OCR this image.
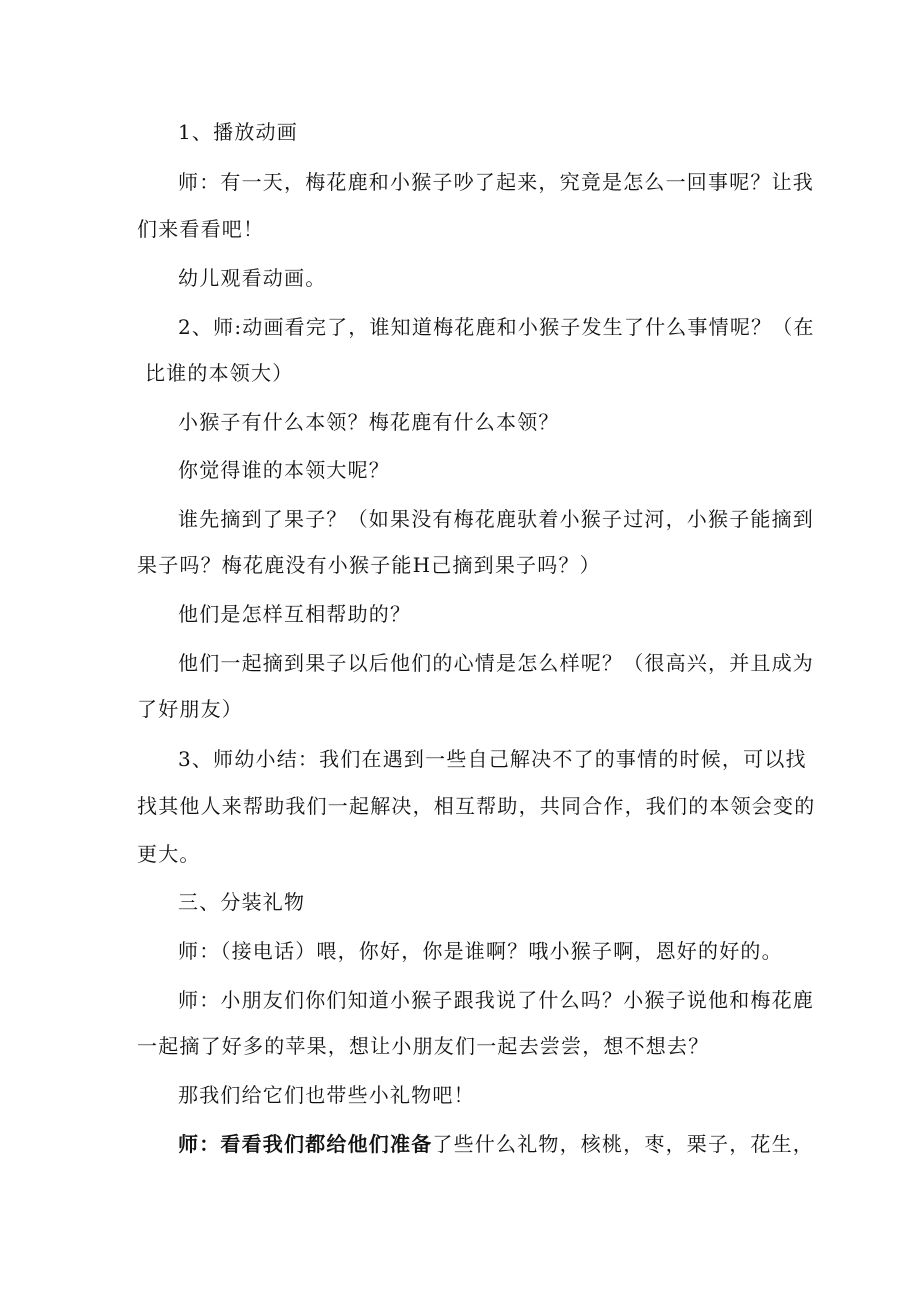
1、播放动画
师：有一天，梅花鹿和小猴子吵了起来，究竟是怎么一回事呢？让我
们来看看吧！
幼儿观看动画。
2、师:动画看完了，谁知道梅花鹿和小猴子发生了什么事情呢？（在
比谁的本领大）
小猴子有什么本领？梅花鹿有什么本领？
你觉得谁的本领大呢？
谁先摘到了果子？（如果没有梅花鹿驮着小猴子过河，小猴子能摘到
果子吗？梅花鹿没有小猴子能H己摘到果子吗？）
他们是怎样互相帮助的？
他们一起摘到果子以后他们的心情是怎么样呢？（很高兴，并且成为
了好朋友）
3、师幼小结：我们在遇到一些自己解决不了的事情的时候，可以找
找其他人来帮助我们一起解决，相互帮助，共同合作，我们的本领会变的
更大。
三、分装礼物
师：（接电话）喂，你好，你是谁啊？哦小猴子啊，恩好的好的。
师：小朋友们你们知道小猴子跟我说了什么吗？小猴子说他和梅花鹿
一起摘了好多的苹果，想让小朋友们一起去尝尝，想不想去？
那我们给它们也带些小礼物吧！
师：看看我们都给他们准备了些什么礼物，核桃，枣，栗子，花生，
